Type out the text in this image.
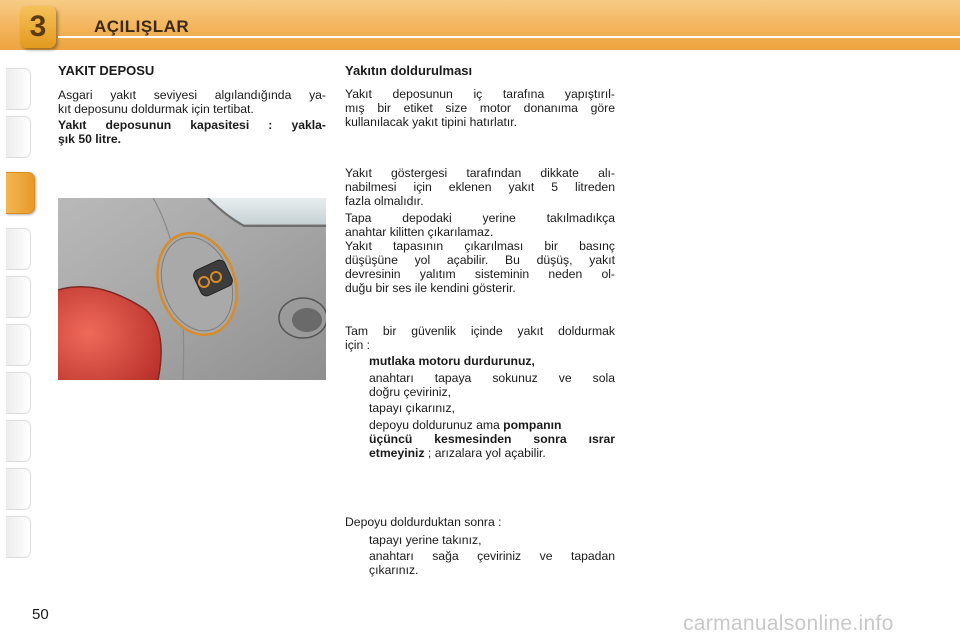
3	AÇILIŞLAR
YAKIT DEPOSU
Asgari yakıt seviyesi algılandığında ya-
kıt deposunu doldurmak için tertibat.
Yakıt deposunun kapasitesi : yakla-
şık 50 litre.
Yakıtın doldurulması
Yakıt deposunun iç tarafına yapıştırıl-
mış bir etiket size motor donanıma göre
kullanılacak yakıt tipini hatırlatır.
Yakıt göstergesi tarafından dikkate alı-
nabilmesi için eklenen yakıt 5 litreden
fazla olmalıdır.
Tapa depodaki yerine takılmadıkça
anahtar kilitten çıkarılamaz.
Yakıt tapasının çıkarılması bir basınç
düşüşüne yol açabilir. Bu düşüş, yakıt
devresinin yalıtım sisteminin neden ol-
duğu bir ses ile kendini gösterir.
Tam bir güvenlik içinde yakıt doldurmak
için :
mutlaka motoru durdurunuz,
anahtarı tapaya sokunuz ve sola
doğru çeviriniz,
tapayı çıkarınız,
depoyu doldurunuz ama pompanın
üçüncü kesmesinden sonra ısrar
etmeyiniz ; arızalara yol açabilir.
Depoyu doldurduktan sonra :
tapayı yerine takınız,
anahtarı sağa çeviriniz ve tapadan
çıkarınız.
50	carmanualsonline.info
